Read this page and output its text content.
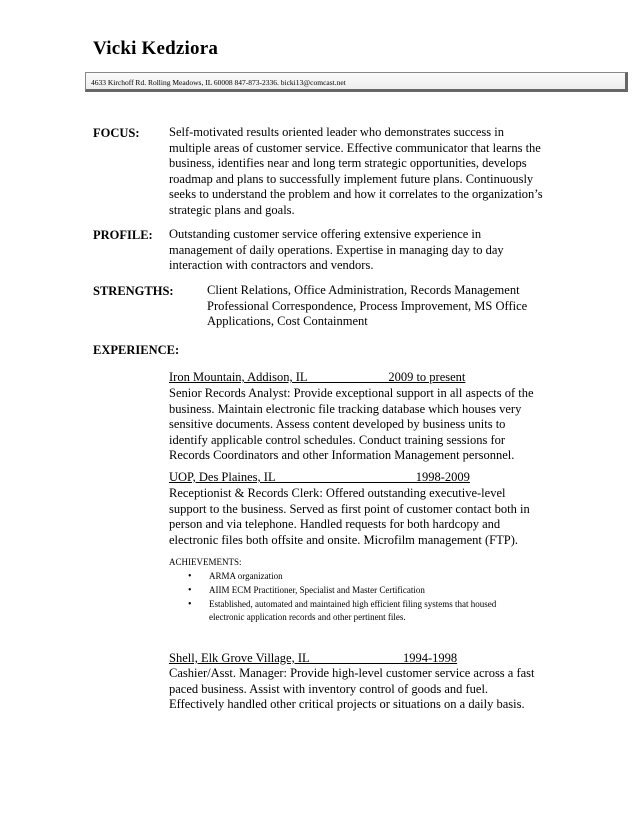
Vicki Kedziora
4633 Kirchoff Rd. Rolling Meadows, IL 60008 847-873-2336. bicki13@comcast.net
FOCUS: Self-motivated results oriented leader who demonstrates success in
multiple areas of customer service. Effective communicator that learns the
business, identifies near and long term strategic opportunities, develops
roadmap and plans to successfully implement future plans. Continuously
seeks to understand the problem and how it correlates to the organization’s
strategic plans and goals.
PROFILE: Outstanding customer service offering extensive experience in
management of daily operations. Expertise in managing day to day
interaction with contractors and vendors.
STRENGTHS:	Client Relations, Office Administration, Records Management
Professional Correspondence, Process Improvement, MS Office
Applications, Cost Containment
EXPERIENCE:
Iron Mountain, Addison, IL                          2009 to present
Senior Records Analyst: Provide exceptional support in all aspects of the
business. Maintain electronic file tracking database which houses very
sensitive documents. Assess content developed by business units to
identify applicable control schedules. Conduct training sessions for
Records Coordinators and other Information Management personnel.
UOP, Des Plaines, IL                                             1998-2009
Receptionist & Records Clerk: Offered outstanding executive-level
support to the business. Served as first point of customer contact both in
person and via telephone. Handled requests for both hardcopy and
electronic files both offsite and onsite. Microfilm management (FTP).
ACHIEVEMENTS:
• ARMA organization
• AIIM ECM Practitioner, Specialist and Master Certification
• Established, automated and maintained high efficient filing systems that housed
electronic application records and other pertinent files.
Shell, Elk Grove Village, IL                              1994-1998
Cashier/Asst. Manager: Provide high-level customer service across a fast
paced business. Assist with inventory control of goods and fuel.
Effectively handled other critical projects or situations on a daily basis.
